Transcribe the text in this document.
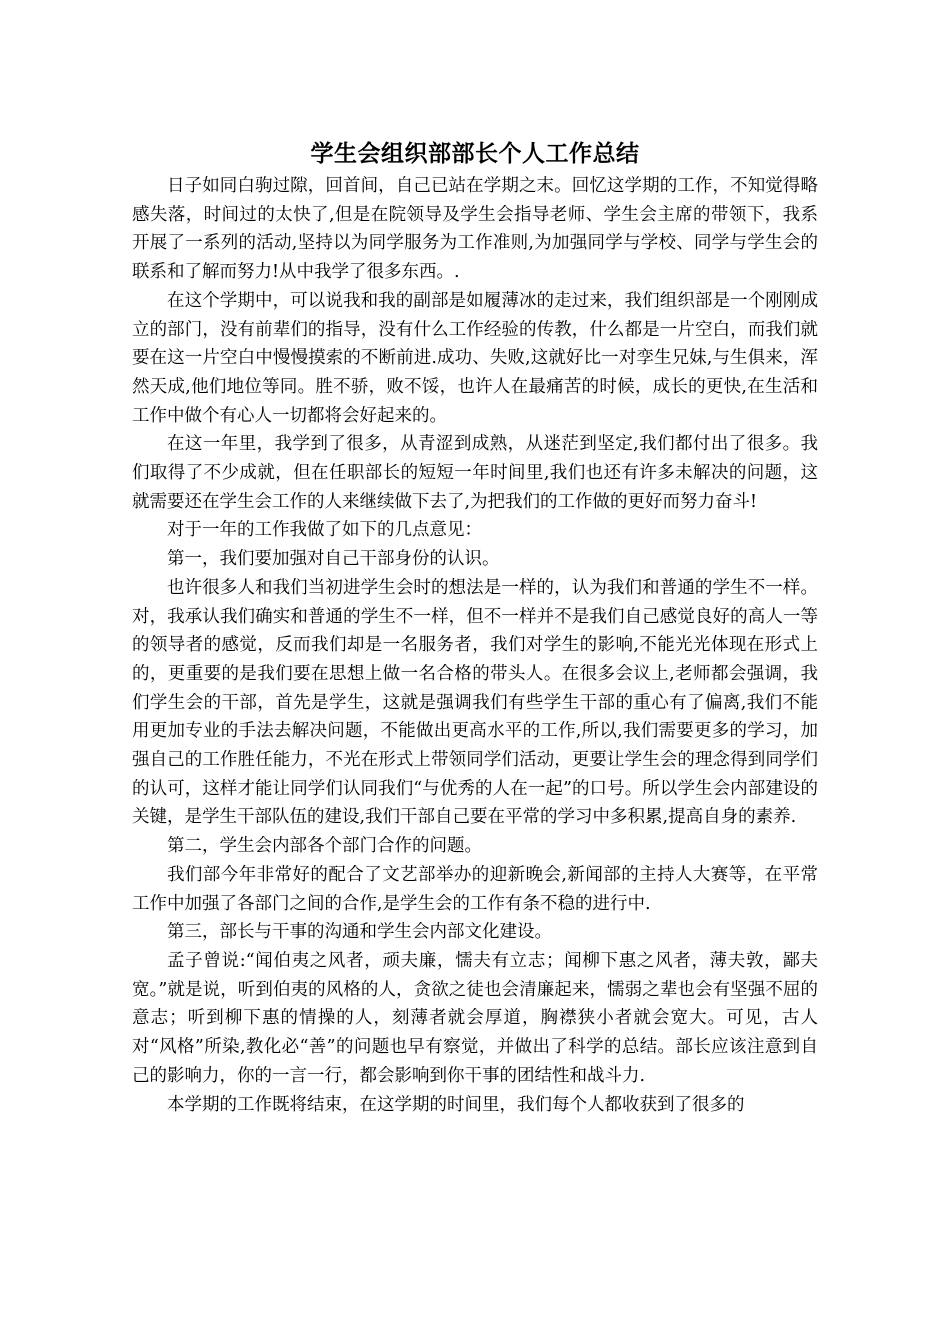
学生会组织部部长个人工作总结

日子如同白驹过隙，回首间，自己已站在学期之末。回忆这学期的工作，不知觉得略感失落，时间过的太快了,但是在院领导及学生会指导老师、学生会主席的带领下，我系开展了一系列的活动,坚持以为同学服务为工作准则,为加强同学与学校、同学与学生会的联系和了解而努力!从中我学了很多东西。.

在这个学期中，可以说我和我的副部是如履薄冰的走过来，我们组织部是一个刚刚成立的部门，没有前辈们的指导，没有什么工作经验的传教，什么都是一片空白，而我们就要在这一片空白中慢慢摸索的不断前进.成功、失败,这就好比一对孪生兄妹,与生俱来，浑然天成,他们地位等同。胜不骄，败不馁，也许人在最痛苦的时候，成长的更快,在生活和工作中做个有心人一切都将会好起来的。

在这一年里，我学到了很多，从青涩到成熟，从迷茫到坚定,我们都付出了很多。我们取得了不少成就，但在任职部长的短短一年时间里,我们也还有许多未解决的问题，这就需要还在学生会工作的人来继续做下去了,为把我们的工作做的更好而努力奋斗!

对于一年的工作我做了如下的几点意见：

第一，我们要加强对自己干部身份的认识。

也许很多人和我们当初进学生会时的想法是一样的，认为我们和普通的学生不一样。对，我承认我们确实和普通的学生不一样，但不一样并不是我们自己感觉良好的高人一等的领导者的感觉，反而我们却是一名服务者，我们对学生的影响,不能光光体现在形式上的，更重要的是我们要在思想上做一名合格的带头人。在很多会议上,老师都会强调，我们学生会的干部，首先是学生，这就是强调我们有些学生干部的重心有了偏离,我们不能用更加专业的手法去解决问题，不能做出更高水平的工作,所以,我们需要更多的学习，加强自己的工作胜任能力，不光在形式上带领同学们活动，更要让学生会的理念得到同学们的认可，这样才能让同学们认同我们“与优秀的人在一起”的口号。所以学生会内部建设的关键，是学生干部队伍的建设,我们干部自己要在平常的学习中多积累,提高自身的素养.

第二，学生会内部各个部门合作的问题。

我们部今年非常好的配合了文艺部举办的迎新晚会,新闻部的主持人大赛等，在平常工作中加强了各部门之间的合作,是学生会的工作有条不稳的进行中.

第三，部长与干事的沟通和学生会内部文化建设。

孟子曾说:“闻伯夷之风者，顽夫廉，懦夫有立志；闻柳下惠之风者，薄夫敦，鄙夫宽。”就是说，听到伯夷的风格的人，贪欲之徒也会清廉起来，懦弱之辈也会有坚强不屈的意志；听到柳下惠的情操的人，刻薄者就会厚道，胸襟狭小者就会宽大。可见，古人对“风格”所染,教化必“善”的问题也早有察觉，并做出了科学的总结。部长应该注意到自己的影响力，你的一言一行，都会影响到你干事的团结性和战斗力.

本学期的工作既将结束，在这学期的时间里，我们每个人都收获到了很多的
